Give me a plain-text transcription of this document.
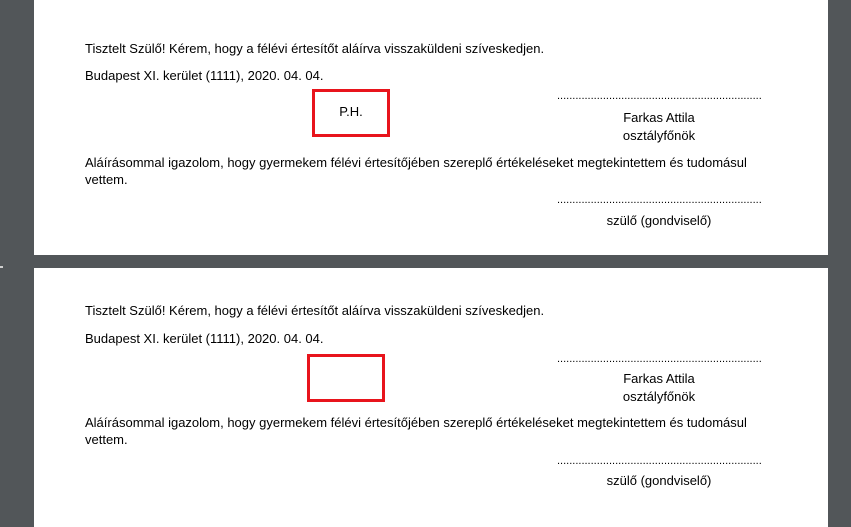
Tisztelt Szülő! Kérem, hogy a félévi értesítőt aláírva visszaküldeni szíveskedjen.
Budapest XI. kerület (1111), 2020. 04. 04.
...................................................................
P.H.	Farkas Attila
osztályfőnök
Aláírásommal igazolom, hogy gyermekem félévi értesítőjében szereplő értékeléseket megtekintettem és tudomásul vettem.
...................................................................
szülő (gondviselő)
Tisztelt Szülő! Kérem, hogy a félévi értesítőt aláírva visszaküldeni szíveskedjen.
Budapest XI. kerület (1111), 2020. 04. 04.
...................................................................
Farkas Attila
osztályfőnök
Aláírásommal igazolom, hogy gyermekem félévi értesítőjében szereplő értékeléseket megtekintettem és tudomásul vettem.
...................................................................
szülő (gondviselő)
